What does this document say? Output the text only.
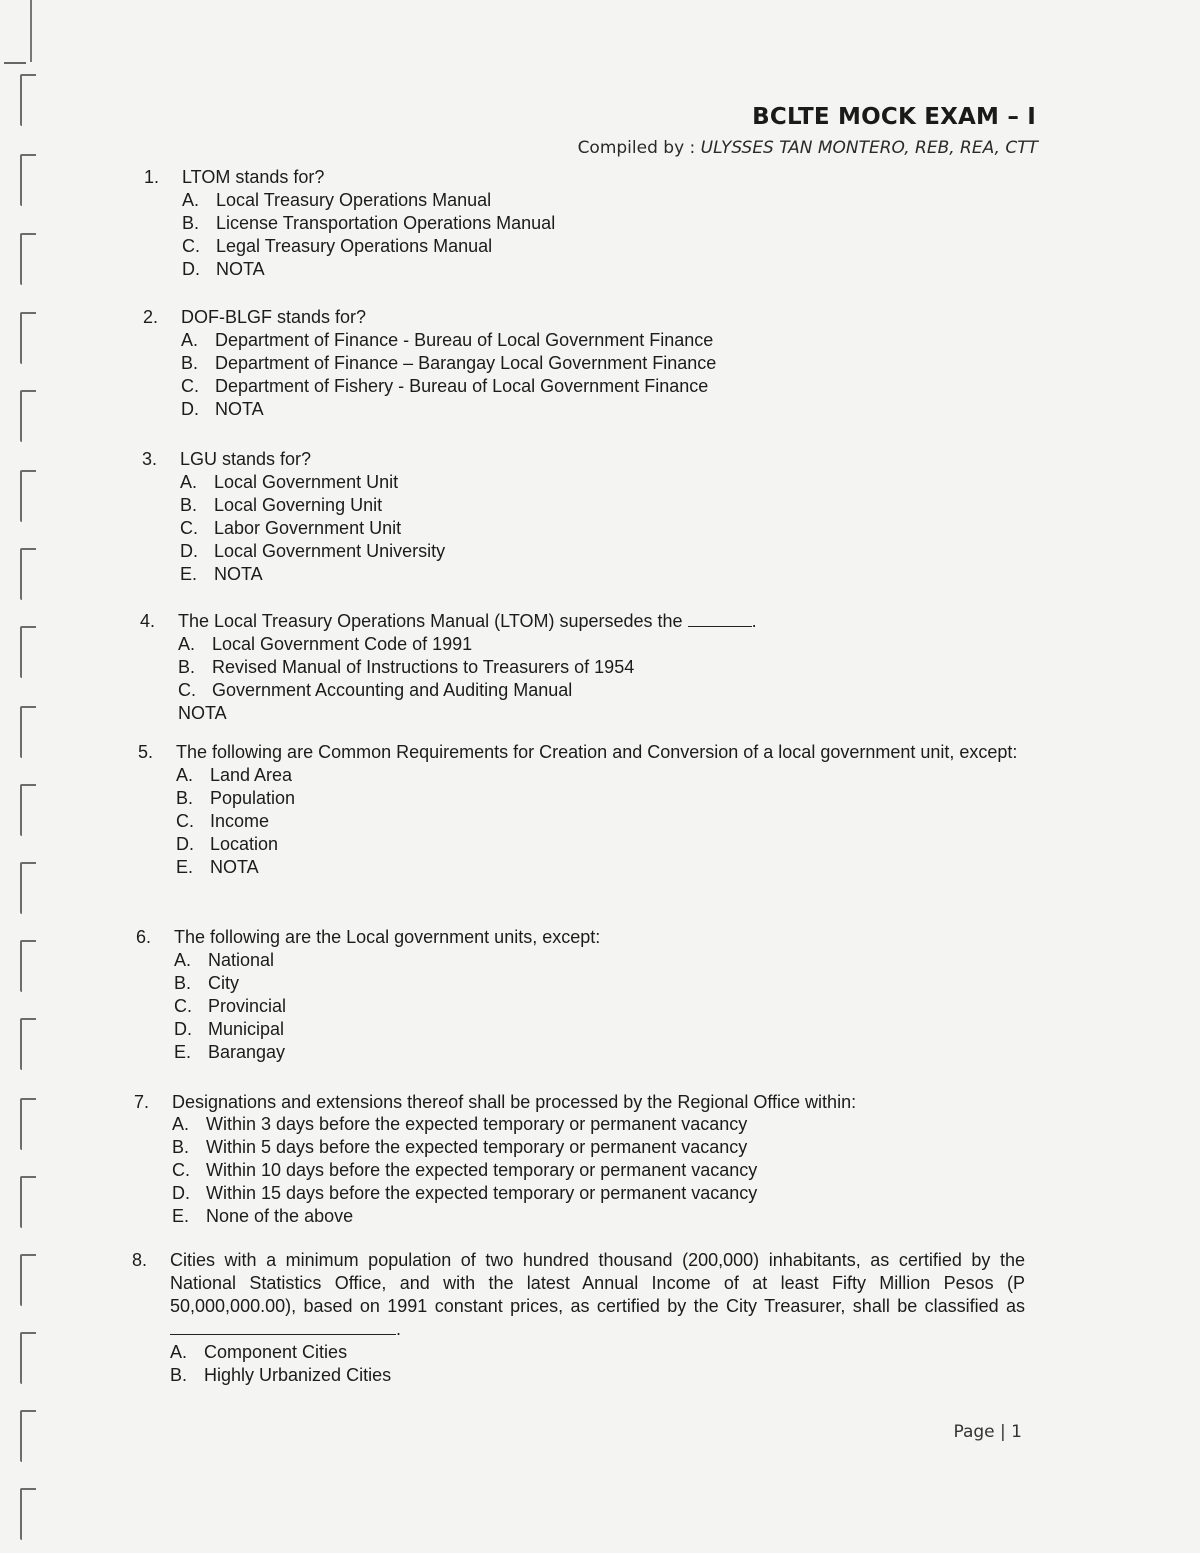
BCLTE MOCK EXAM – I
Compiled by : ULYSSES TAN MONTERO, REB, REA, CTT
1. LTOM stands for?
A. Local Treasury Operations Manual
B. License Transportation Operations Manual
C. Legal Treasury Operations Manual
D. NOTA
2. DOF-BLGF stands for?
A. Department of Finance - Bureau of Local Government Finance
B. Department of Finance – Barangay Local Government Finance
C. Department of Fishery - Bureau of Local Government Finance
D. NOTA
3. LGU stands for?
A. Local Government Unit
B. Local Governing Unit
C. Labor Government Unit
D. Local Government University
E. NOTA
4. The Local Treasury Operations Manual (LTOM) supersedes the	.
A. Local Government Code of 1991
B. Revised Manual of Instructions to Treasurers of 1954
C. Government Accounting and Auditing Manual
NOTA
5. The following are Common Requirements for Creation and Conversion of a local government unit, except:
A. Land Area
B. Population
C. Income
D. Location
E. NOTA
6. The following are the Local government units, except:
A. National
B. City
C. Provincial
D. Municipal
E. Barangay
7. Designations and extensions thereof shall be processed by the Regional Office within:
A. Within 3 days before the expected temporary or permanent vacancy
B. Within 5 days before the expected temporary or permanent vacancy
C. Within 10 days before the expected temporary or permanent vacancy
D. Within 15 days before the expected temporary or permanent vacancy
E. None of the above
8. Cities with a minimum population of two hundred thousand (200,000) inhabitants, as certified by the National Statistics Office, and with the latest Annual Income of at least Fifty Million Pesos (P 50,000,000.00), based on 1991 constant prices, as certified by the City Treasurer, shall be classified as .
A. Component Cities
B. Highly Urbanized Cities
Page | 1
